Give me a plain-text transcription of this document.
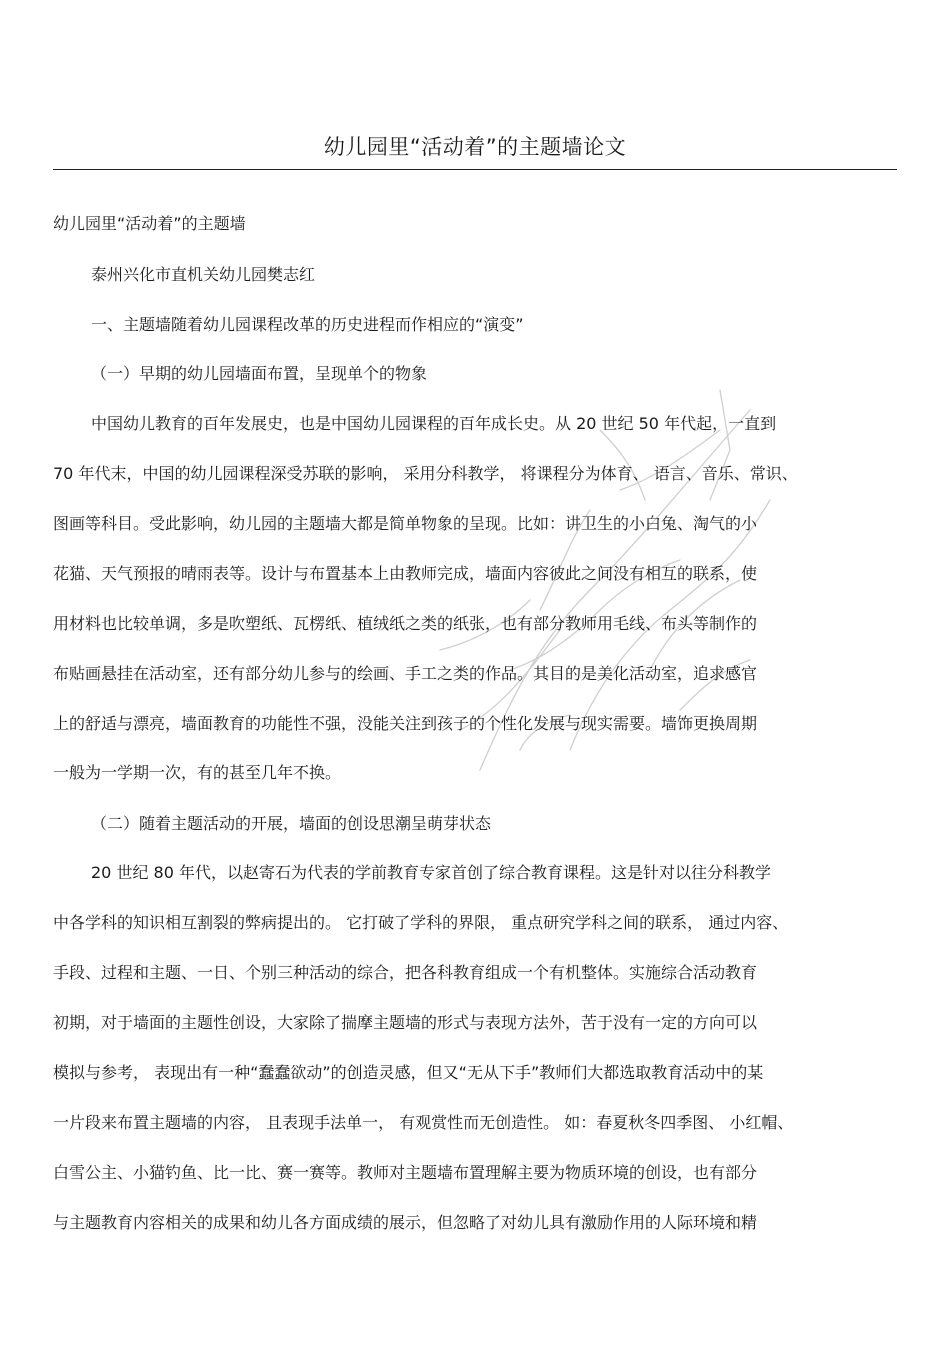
幼儿园里“活动着”的主题墙论文
幼儿园里“活动着”的主题墙
泰州兴化市直机关幼儿园樊志红
一、主题墙随着幼儿园课程改革的历史进程而作相应的“演变”
（一）早期的幼儿园墙面布置，呈现单个的物象
中国幼儿教育的百年发展史，也是中国幼儿园课程的百年成长史。从 20 世纪 50 年代起，一直到
70 年代末，中国的幼儿园课程深受苏联的影响， 采用分科教学， 将课程分为体育、 语言、音乐、常识、
图画等科目。受此影响，幼儿园的主题墙大都是简单物象的呈现。比如：讲卫生的小白兔、淘气的小
花猫、天气预报的晴雨表等。设计与布置基本上由教师完成，墙面内容彼此之间没有相互的联系，使
用材料也比较单调，多是吹塑纸、瓦楞纸、植绒纸之类的纸张，也有部分教师用毛线、布头等制作的
布贴画悬挂在活动室，还有部分幼儿参与的绘画、手工之类的作品。其目的是美化活动室，追求感官
上的舒适与漂亮，墙面教育的功能性不强，没能关注到孩子的个性化发展与现实需要。墙饰更换周期
一般为一学期一次，有的甚至几年不换。
（二）随着主题活动的开展，墙面的创设思潮呈萌芽状态
20 世纪 80 年代，以赵寄石为代表的学前教育专家首创了综合教育课程。这是针对以往分科教学
中各学科的知识相互割裂的弊病提出的。 它打破了学科的界限， 重点研究学科之间的联系， 通过内容、
手段、过程和主题、一日、个别三种活动的综合，把各科教育组成一个有机整体。实施综合活动教育
初期，对于墙面的主题性创设，大家除了揣摩主题墙的形式与表现方法外，苦于没有一定的方向可以
模拟与参考， 表现出有一种“蠢蠢欲动”的创造灵感，但又“无从下手”教师们大都选取教育活动中的某
一片段来布置主题墙的内容， 且表现手法单一， 有观赏性而无创造性。 如：春夏秋冬四季图、 小红帽、
白雪公主、小猫钓鱼、比一比、赛一赛等。教师对主题墙布置理解主要为物质环境的创设，也有部分
与主题教育内容相关的成果和幼儿各方面成绩的展示，但忽略了对幼儿具有激励作用的人际环境和精
